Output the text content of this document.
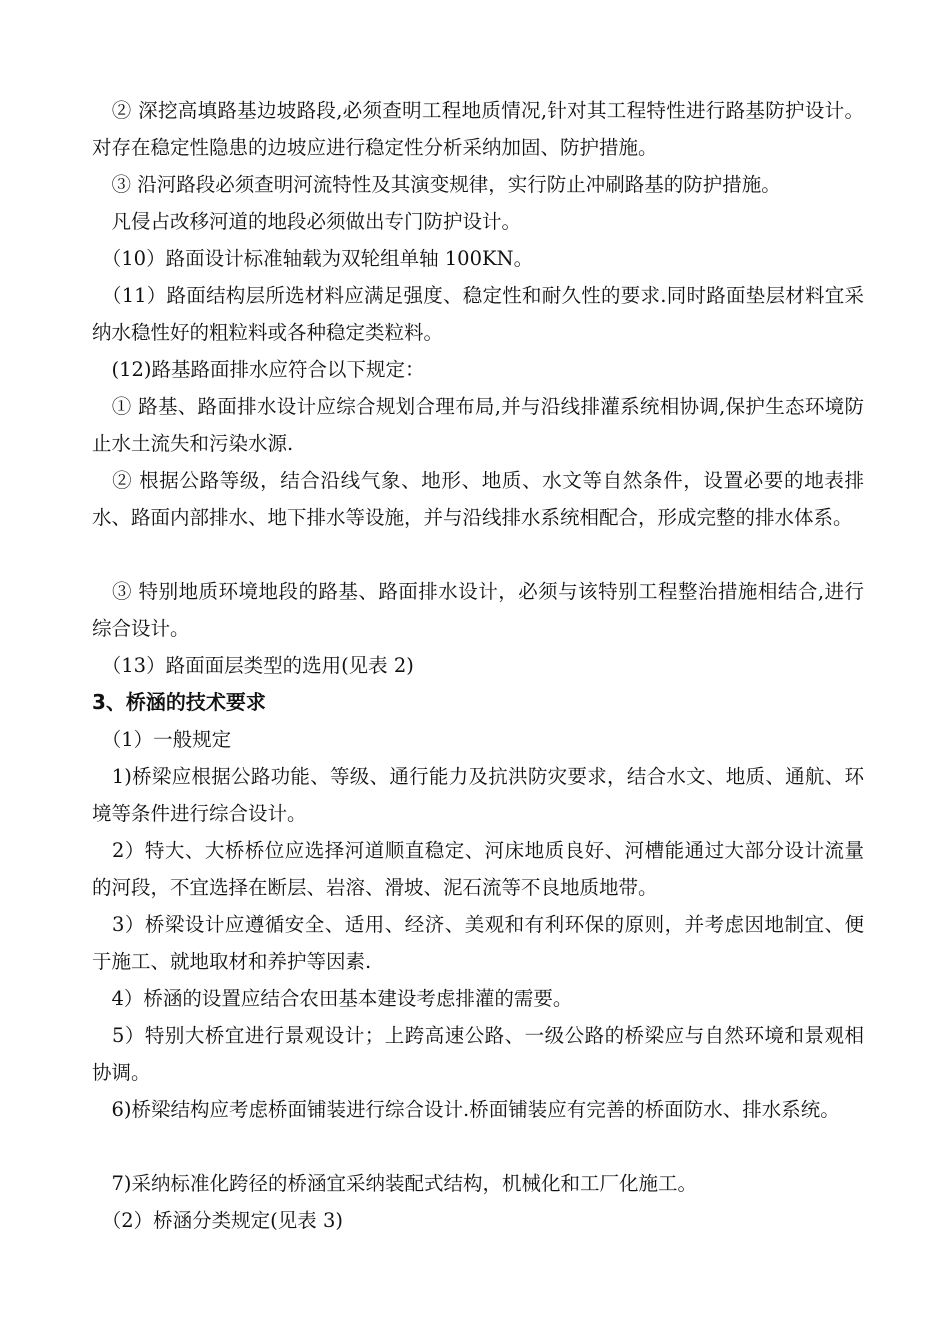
　② 深挖高填路基边坡路段,必须查明工程地质情况,针对其工程特性进行路基防护设计。对存在稳定性隐患的边坡应进行稳定性分析采纳加固、防护措施。

　③ 沿河路段必须查明河流特性及其演变规律，实行防止冲刷路基的防护措施。

　凡侵占改移河道的地段必须做出专门防护设计。

　（10）路面设计标准轴载为双轮组单轴 100KN。

　（11）路面结构层所选材料应满足强度、稳定性和耐久性的要求.同时路面垫层材料宜采纳水稳性好的粗粒料或各种稳定类粒料。

　(12)路基路面排水应符合以下规定：

　① 路基、路面排水设计应综合规划合理布局,并与沿线排灌系统相协调,保护生态环境防止水土流失和污染水源.

　② 根据公路等级，结合沿线气象、地形、地质、水文等自然条件，设置必要的地表排水、路面内部排水、地下排水等设施，并与沿线排水系统相配合，形成完整的排水体系。

　③ 特别地质环境地段的路基、路面排水设计，必须与该特别工程整治措施相结合,进行综合设计。

　（13）路面面层类型的选用(见表 2)

3、桥涵的技术要求

　（1）一般规定

　1)桥梁应根据公路功能、等级、通行能力及抗洪防灾要求，结合水文、地质、通航、环境等条件进行综合设计。

　2）特大、大桥桥位应选择河道顺直稳定、河床地质良好、河槽能通过大部分设计流量的河段，不宜选择在断层、岩溶、滑坡、泥石流等不良地质地带。

　3）桥梁设计应遵循安全、适用、经济、美观和有利环保的原则，并考虑因地制宜、便于施工、就地取材和养护等因素.

　4）桥涵的设置应结合农田基本建设考虑排灌的需要。

　5）特别大桥宜进行景观设计；上跨高速公路、一级公路的桥梁应与自然环境和景观相协调。

　6)桥梁结构应考虑桥面铺装进行综合设计.桥面铺装应有完善的桥面防水、排水系统。

　7)采纳标准化跨径的桥涵宜采纳装配式结构，机械化和工厂化施工。

　（2）桥涵分类规定(见表 3)
